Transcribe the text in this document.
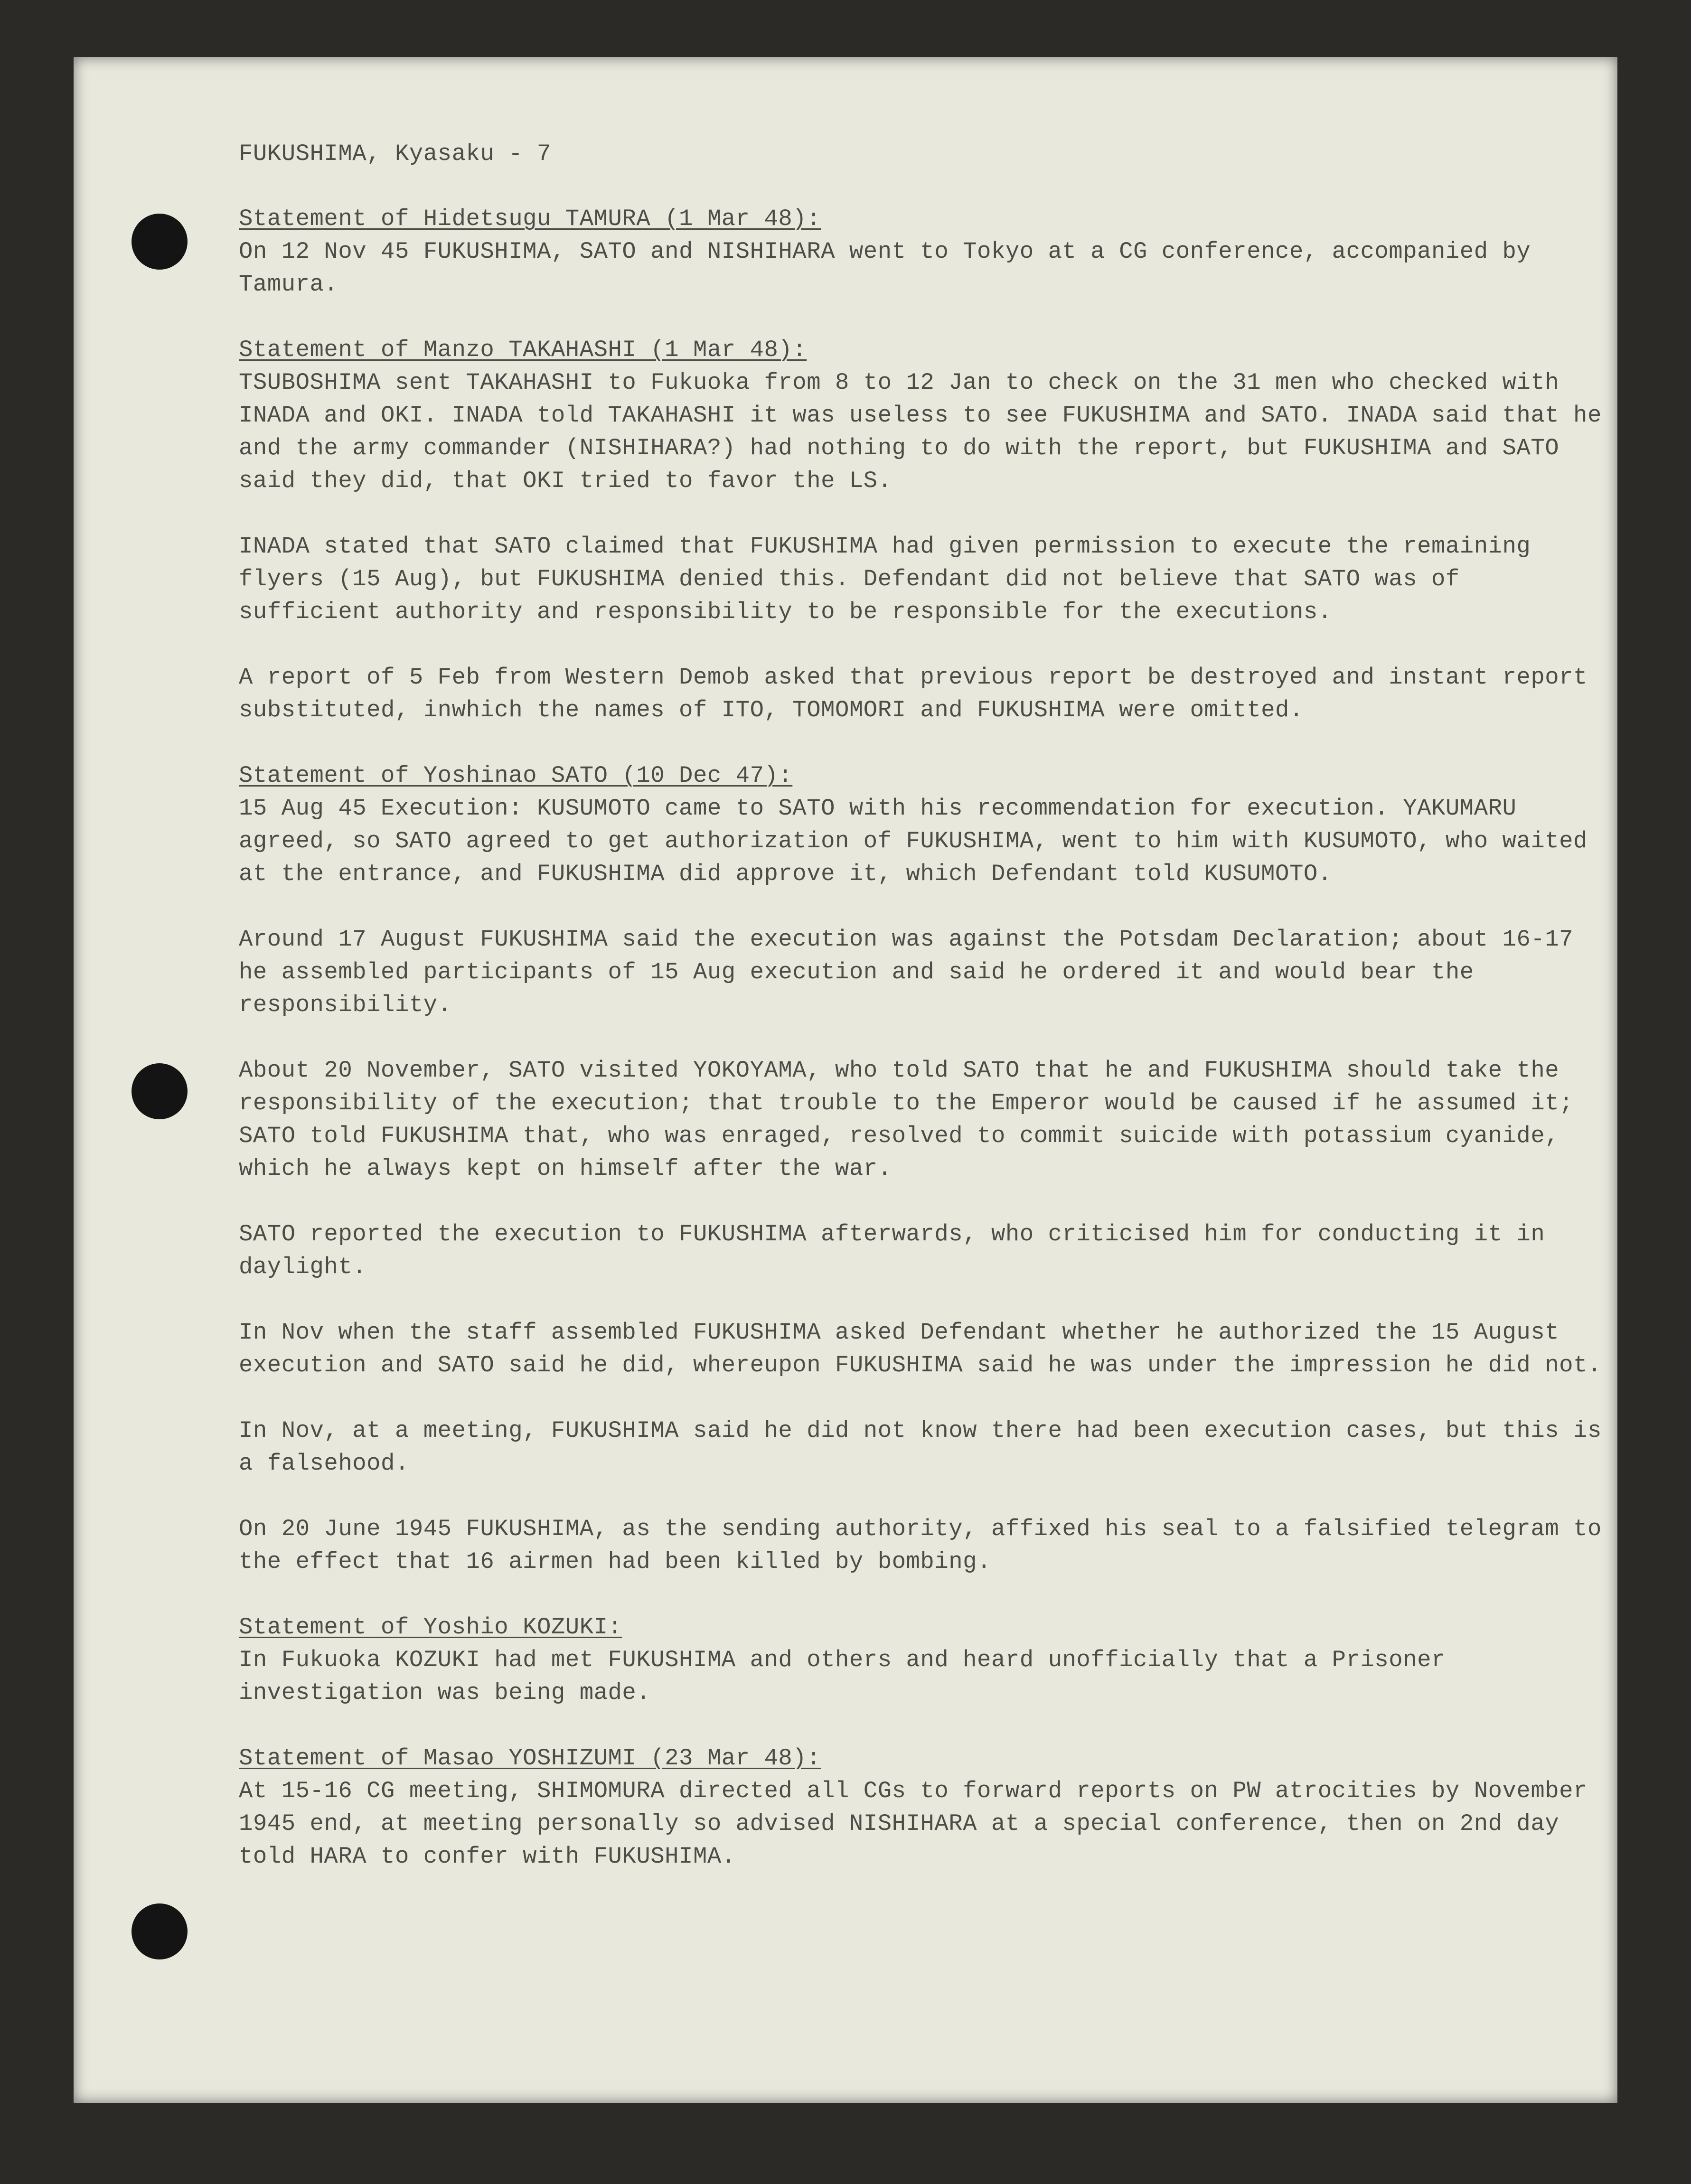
FUKUSHIMA, Kyasaku - 7
Statement of Hidetsugu TAMURA (1 Mar 48):

On 12 Nov 45 FUKUSHIMA, SATO and NISHIHARA went to Tokyo at a CG conference, accompanied by Tamura.

Statement of Manzo TAKAHASHI (1 Mar 48):

TSUBOSHIMA sent TAKAHASHI to Fukuoka from 8 to 12 Jan to check on the 31 men who checked with INADA and OKI. INADA told TAKAHASHI it was useless to see FUKUSHIMA and SATO. INADA said that he and the army commander (NISHIHARA?) had nothing to do with the report, but FUKUSHIMA and SATO said they did, that OKI tried to favor the LS.

INADA stated that SATO claimed that FUKUSHIMA had given permission to execute the remaining flyers (15 Aug), but FUKUSHIMA denied this. Defendant did not believe that SATO was of sufficient authority and responsibility to be responsible for the executions.

A report of 5 Feb from Western Demob asked that previous report be destroyed and instant report substituted, inwhich the names of ITO, TOMOMORI and FUKUSHIMA were omitted.

Statement of Yoshinao SATO (10 Dec 47):

15 Aug 45 Execution: KUSUMOTO came to SATO with his recommendation for execution. YAKUMARU agreed, so SATO agreed to get authorization of FUKUSHIMA, went to him with KUSUMOTO, who waited at the entrance, and FUKUSHIMA did approve it, which Defendant told KUSUMOTO.

Around 17 August FUKUSHIMA said the execution was against the Potsdam Declaration; about 16-17 he assembled participants of 15 Aug execution and said he ordered it and would bear the responsibility.

About 20 November, SATO visited YOKOYAMA, who told SATO that he and FUKUSHIMA should take the responsibility of the execution; that trouble to the Emperor would be caused if he assumed it; SATO told FUKUSHIMA that, who was enraged, resolved to commit suicide with potassium cyanide, which he always kept on himself after the war.

SATO reported the execution to FUKUSHIMA afterwards, who criticised him for conducting it in daylight.

In Nov when the staff assembled FUKUSHIMA asked Defendant whether he authorized the 15 August execution and SATO said he did, whereupon FUKUSHIMA said he was under the impression he did not.

In Nov, at a meeting, FUKUSHIMA said he did not know there had been execution cases, but this is a falsehood.

On 20 June 1945 FUKUSHIMA, as the sending authority, affixed his seal to a falsified telegram to the effect that 16 airmen had been killed by bombing.

Statement of Yoshio KOZUKI:

In Fukuoka KOZUKI had met FUKUSHIMA and others and heard unofficially that a Prisoner investigation was being made.

Statement of Masao YOSHIZUMI (23 Mar 48):

At 15-16 CG meeting, SHIMOMURA directed all CGs to forward reports on PW atrocities by November 1945 end, at meeting personally so advised NISHIHARA at a special conference, then on 2nd day told HARA to confer with FUKUSHIMA.
